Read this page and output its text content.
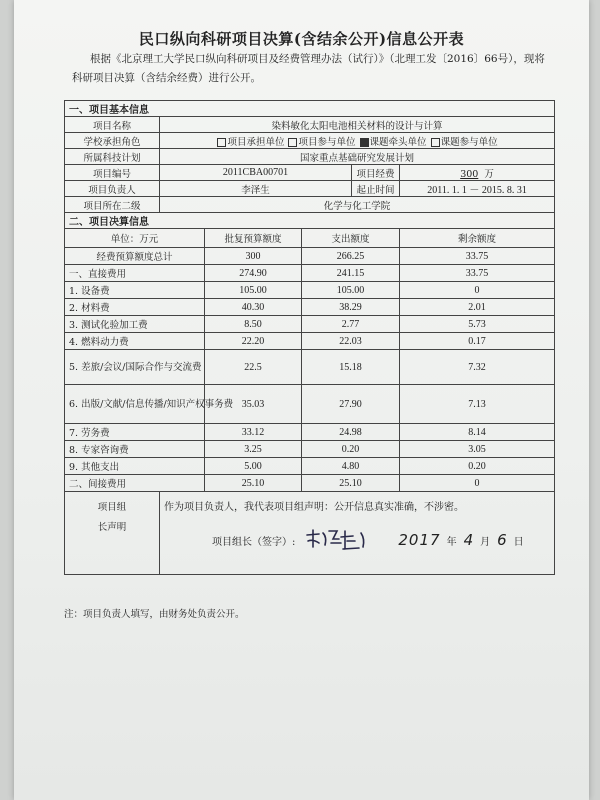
民口纵向科研项目决算(含结余公开)信息公开表
根据《北京理工大学民口纵向科研项目及经费管理办法（试行）》（北理工发〔2016〕66号），现将科研项目决算（含结余经费）进行公开。
一、项目基本信息					
项目名称	染料敏化太阳电池相关材料的设计与计算				
学校承担角色	项目承担单位 项目参与单位 课题牵头单位 课题参与单位				
所属科技计划	国家重点基础研究发展计划				
项目编号	2011CBA00701			项目经费	300 万
项目负责人	李泽生			起止时间	2011. 1. 1 － 2015. 8. 31
项目所在二级	化学与化工学院				
二、项目决算信息					
单位：万元		批复预算额度	支出额度		剩余额度
经费预算额度总计		300	266.25		33.75
一、直接费用		274.90	241.15		33.75
1. 设备费		105.00	105.00		0
2. 材料费		40.30	38.29		2.01
3. 测试化验加工费		8.50	2.77		5.73
4. 燃料动力费		22.20	22.03		0.17
5. 差旅/会议/国际合作与交流费		22.5	15.18		7.32
6. 出版/文献/信息传播/知识产权事务费		35.03	27.90		7.13
7. 劳务费		33.12	24.98		8.14
8. 专家咨询费		3.25	0.20		3.05
9. 其他支出		5.00	4.80		0.20
二、间接费用		25.10	25.10		0
项目组长声明	作为项目负责人，我代表项目组声明：公开信息真实准确，不涉密。
项目组长（签字）: 2017 年 4 月 6 日				
注：项目负责人填写，由财务处负责公开。
